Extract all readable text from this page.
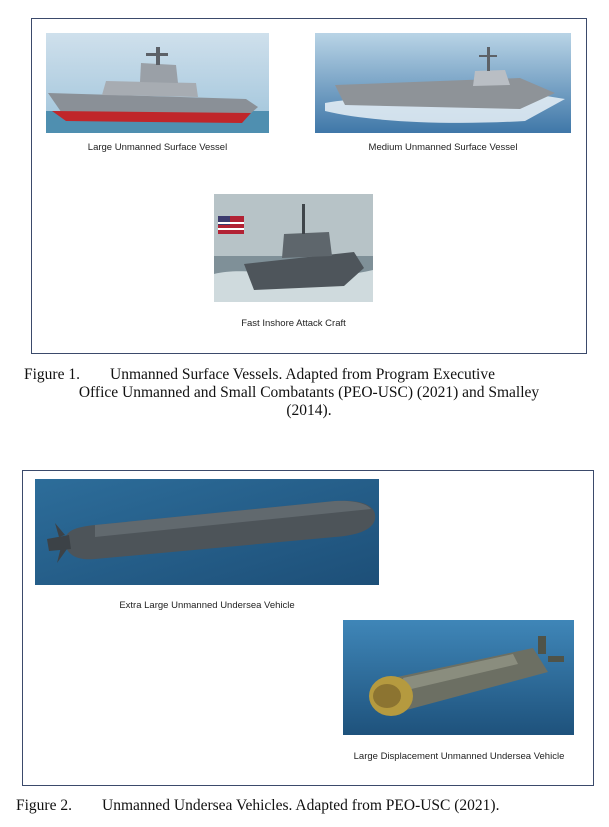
Large Unmanned Surface Vessel	Medium Unmanned Surface Vessel
Fast Inshore Attack Craft
Figure 1. Unmanned Surface Vessels. Adapted from Program Executive
Office Unmanned and Small Combatants (PEO-USC) (2021) and Smalley
(2014).
Extra Large Unmanned Undersea Vehicle
Large Displacement Unmanned Undersea Vehicle
Figure 2. Unmanned Undersea Vehicles. Adapted from PEO-USC (2021).
